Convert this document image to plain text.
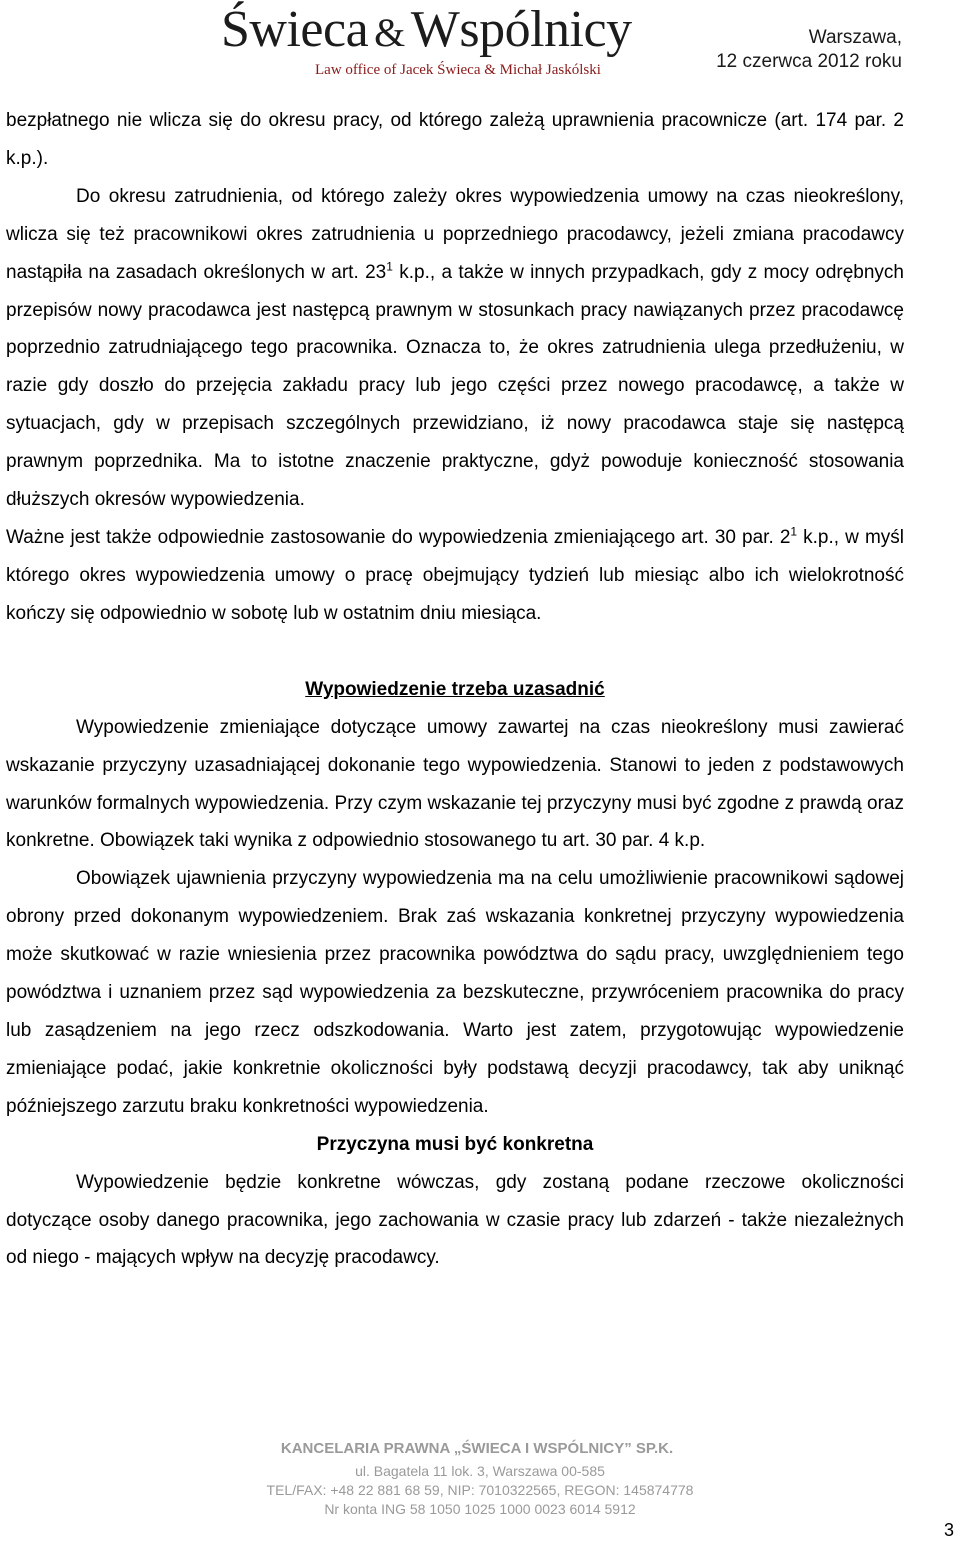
Świeca & Wspólnicy
Law office of Jacek Świeca & Michał Jaskólski
Warszawa,
12 czerwca 2012 roku

bezpłatnego nie wlicza się do okresu pracy, od którego zależą uprawnienia pracownicze (art. 174 par. 2 k.p.).

Do okresu zatrudnienia, od którego zależy okres wypowiedzenia umowy na czas nieokreślony, wlicza się też pracownikowi okres zatrudnienia u poprzedniego pracodawcy, jeżeli zmiana pracodawcy nastąpiła na zasadach określonych w art. $23^1$ k.p., a także w innych przypadkach, gdy z mocy odrębnych przepisów nowy pracodawca jest następcą prawnym w stosunkach pracy nawiązanych przez pracodawcę poprzednio zatrudniającego tego pracownika. Oznacza to, że okres zatrudnienia ulega przedłużeniu, w razie gdy doszło do przejęcia zakładu pracy lub jego części przez nowego pracodawcę, a także w sytuacjach, gdy w przepisach szczególnych przewidziano, iż nowy pracodawca staje się następcą prawnym poprzednika. Ma to istotne znaczenie praktyczne, gdyż powoduje konieczność stosowania dłuższych okresów wypowiedzenia.

Ważne jest także odpowiednie zastosowanie do wypowiedzenia zmieniającego art. 30 par. $2^1$ k.p., w myśl którego okres wypowiedzenia umowy o pracę obejmujący tydzień lub miesiąc albo ich wielokrotność kończy się odpowiednio w sobotę lub w ostatnim dniu miesiąca.

Wypowiedzenie trzeba uzasadnić

Wypowiedzenie zmieniające dotyczące umowy zawartej na czas nieokreślony musi zawierać wskazanie przyczyny uzasadniającej dokonanie tego wypowiedzenia. Stanowi to jeden z podstawowych warunków formalnych wypowiedzenia. Przy czym wskazanie tej przyczyny musi być zgodne z prawdą oraz konkretne. Obowiązek taki wynika z odpowiednio stosowanego tu art. 30 par. 4 k.p.

Obowiązek ujawnienia przyczyny wypowiedzenia ma na celu umożliwienie pracownikowi sądowej obrony przed dokonanym wypowiedzeniem. Brak zaś wskazania konkretnej przyczyny wypowiedzenia może skutkować w razie wniesienia przez pracownika powództwa do sądu pracy, uwzględnieniem tego powództwa i uznaniem przez sąd wypowiedzenia za bezskuteczne, przywróceniem pracownika do pracy lub zasądzeniem na jego rzecz odszkodowania. Warto jest zatem, przygotowując wypowiedzenie zmieniające podać, jakie konkretnie okoliczności były podstawą decyzji pracodawcy, tak aby uniknąć późniejszego zarzutu braku konkretności wypowiedzenia.

Przyczyna musi być konkretna

Wypowiedzenie będzie konkretne wówczas, gdy zostaną podane rzeczowe okoliczności dotyczące osoby danego pracownika, jego zachowania w czasie pracy lub zdarzeń - także niezależnych od niego - mających wpływ na decyzję pracodawcy.

KANCELARIA PRAWNA „ŚWIECA I WSPÓLNICY” SP.K.
ul. Bagatela 11 lok. 3, Warszawa 00-585
TEL/FAX: +48 22 881 68 59, NIP: 7010322565, REGON: 145874778
Nr konta ING 58 1050 1025 1000 0023 6014 5912
3
